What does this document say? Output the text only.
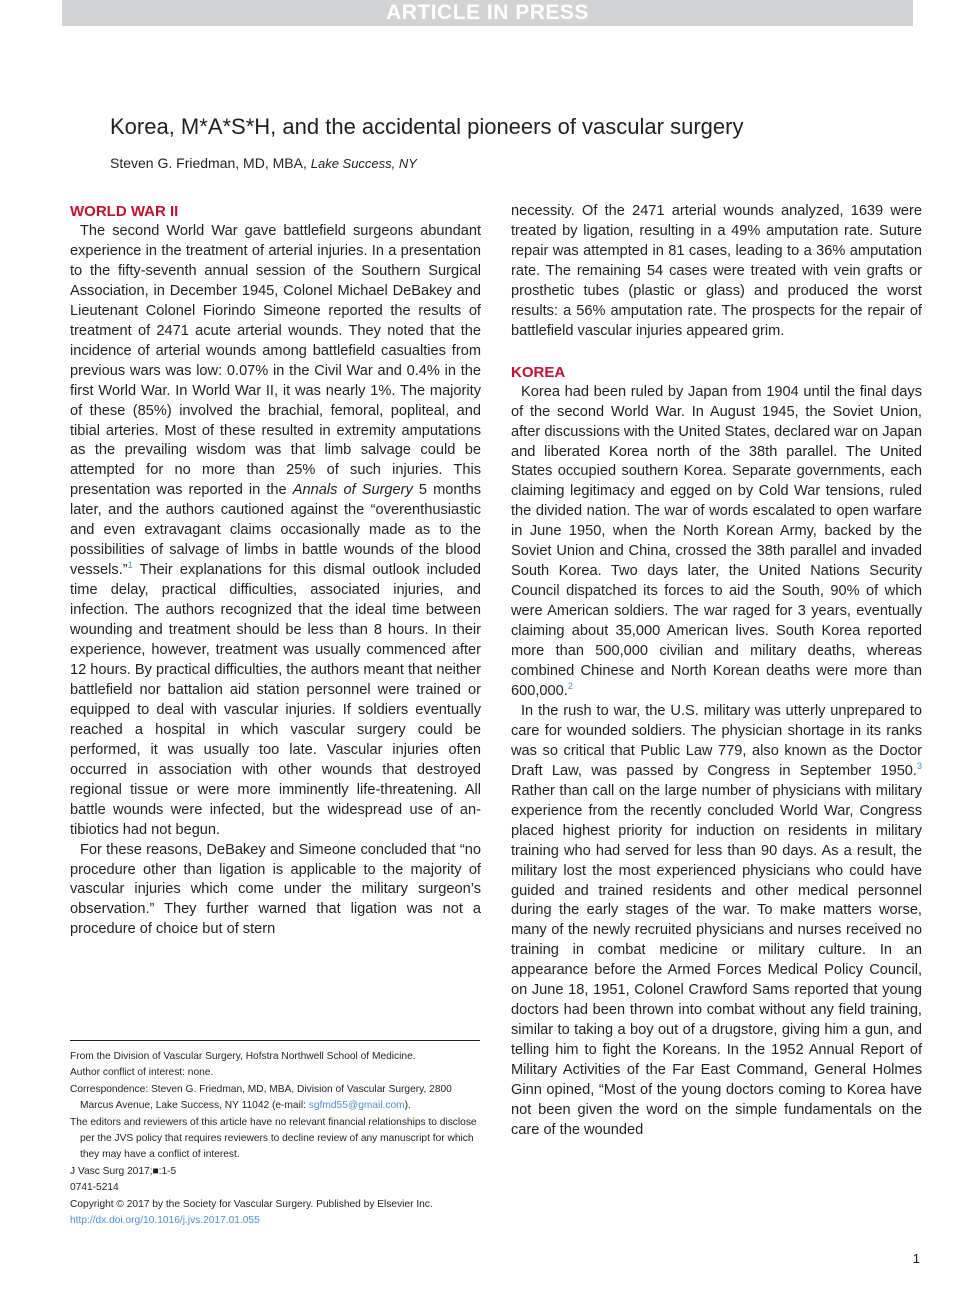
ARTICLE IN PRESS
Korea, M*A*S*H, and the accidental pioneers of vascular surgery
Steven G. Friedman, MD, MBA, Lake Success, NY
WORLD WAR II

The second World War gave battlefield surgeons abundant experience in the treatment of arterial injuries. In a presentation to the fifty-seventh annual session of the Southern Surgical Association, in December 1945, Colonel Michael DeBakey and Lieutenant Colonel Fiorindo Simeone reported the results of treatment of 2471 acute arterial wounds. They noted that the incidence of arterial wounds among battlefield casualties from previous wars was low: 0.07% in the Civil War and 0.4% in the first World War. In World War II, it was nearly 1%. The majority of these (85%) involved the brachial, femoral, popliteal, and tibial arteries. Most of these resulted in extremity amputations as the prevailing wisdom was that limb salvage could be attempted for no more than 25% of such injuries. This presentation was reported in the Annals of Surgery 5 months later, and the authors cautioned against the “overenthusiastic and even extravagant claims occasionally made as to the possibilities of salvage of limbs in battle wounds of the blood vessels.”$^1$ Their explanations for this dismal outlook included time delay, practical difficulties, associated injuries, and infection. The authors recognized that the ideal time between wounding and treatment should be less than 8 hours. In their experience, however, treatment was usually commenced after 12 hours. By practical difficulties, the authors meant that neither battlefield nor battalion aid station personnel were trained or equipped to deal with vascular injuries. If soldiers eventually reached a hospital in which vascular surgery could be performed, it was usually too late. Vascular injuries often occurred in association with other wounds that destroyed regional tissue or were more imminently life-threatening. All battle wounds were infected, but the widespread use of antibiotics had not begun.

For these reasons, DeBakey and Simeone concluded that “no procedure other than ligation is applicable to the majority of vascular injuries which come under the military surgeon’s observation.” They further warned that ligation was not a procedure of choice but of stern

necessity. Of the 2471 arterial wounds analyzed, 1639 were treated by ligation, resulting in a 49% amputation rate. Suture repair was attempted in 81 cases, leading to a 36% amputation rate. The remaining 54 cases were treated with vein grafts or prosthetic tubes (plastic or glass) and produced the worst results: a 56% amputation rate. The prospects for the repair of battlefield vascular injuries appeared grim.

KOREA

Korea had been ruled by Japan from 1904 until the final days of the second World War. In August 1945, the Soviet Union, after discussions with the United States, declared war on Japan and liberated Korea north of the 38th parallel. The United States occupied southern Korea. Separate governments, each claiming legitimacy and egged on by Cold War tensions, ruled the divided nation. The war of words escalated to open warfare in June 1950, when the North Korean Army, backed by the Soviet Union and China, crossed the 38th parallel and invaded South Korea. Two days later, the United Nations Security Council dispatched its forces to aid the South, 90% of which were American soldiers. The war raged for 3 years, eventually claiming about 35,000 American lives. South Korea reported more than 500,000 civilian and military deaths, whereas combined Chinese and North Korean deaths were more than 600,000.$^2$

In the rush to war, the U.S. military was utterly unprepared to care for wounded soldiers. The physician shortage in its ranks was so critical that Public Law 779, also known as the Doctor Draft Law, was passed by Congress in September 1950.$^3$ Rather than call on the large number of physicians with military experience from the recently concluded World War, Congress placed highest priority for induction on residents in military training who had served for less than 90 days. As a result, the military lost the most experienced physicians who could have guided and trained residents and other medical personnel during the early stages of the war. To make matters worse, many of the newly recruited physicians and nurses received no training in combat medicine or military culture. In an appearance before the Armed Forces Medical Policy Council, on June 18, 1951, Colonel Crawford Sams reported that young doctors had been thrown into combat without any field training, similar to taking a boy out of a drugstore, giving him a gun, and telling him to fight the Koreans. In the 1952 Annual Report of Military Activities of the Far East Command, General Holmes Ginn opined, “Most of the young doctors coming to Korea have not been given the word on the simple fundamentals on the care of the wounded

From the Division of Vascular Surgery, Hofstra Northwell School of Medicine.

Author conflict of interest: none.

Correspondence: Steven G. Friedman, MD, MBA, Division of Vascular Surgery, 2800 Marcus Avenue, Lake Success, NY 11042 (e-mail: sgfmd55@gmail.com).

The editors and reviewers of this article have no relevant financial relationships to disclose per the JVS policy that requires reviewers to decline review of any manuscript for which they may have a conflict of interest.

J Vasc Surg 2017;■:1-5

0741-5214

Copyright © 2017 by the Society for Vascular Surgery. Published by Elsevier Inc.

http://dx.doi.org/10.1016/j.jvs.2017.01.055

1
